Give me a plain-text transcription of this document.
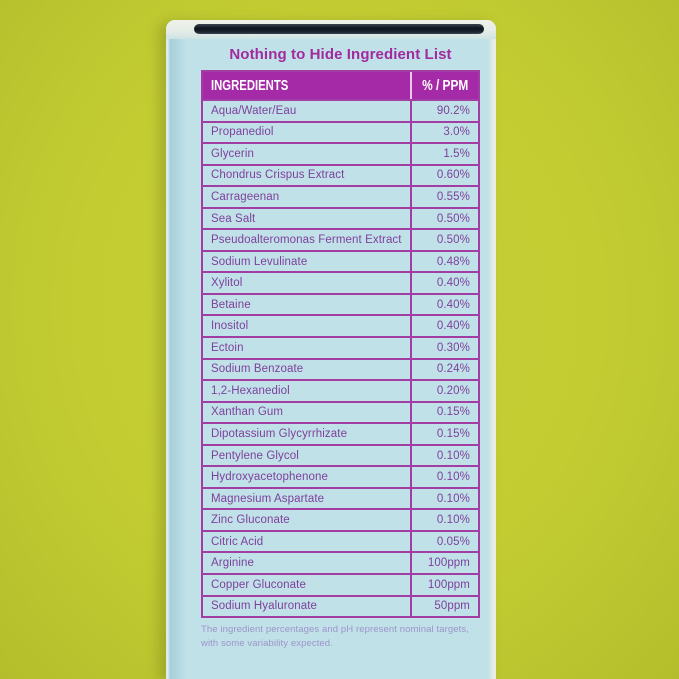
Nothing to Hide Ingredient List
INGREDIENTS	% / PPM
Aqua/Water/Eau	90.2%
Propanediol	3.0%
Glycerin	1.5%
Chondrus Crispus Extract	0.60%
Carrageenan	0.55%
Sea Salt	0.50%
Pseudoalteromonas Ferment Extract	0.50%
Sodium Levulinate	0.48%
Xylitol	0.40%
Betaine	0.40%
Inositol	0.40%
Ectoin	0.30%
Sodium Benzoate	0.24%
1,2-Hexanediol	0.20%
Xanthan Gum	0.15%
Dipotassium Glycyrrhizate	0.15%
Pentylene Glycol	0.10%
Hydroxyacetophenone	0.10%
Magnesium Aspartate	0.10%
Zinc Gluconate	0.10%
Citric Acid	0.05%
Arginine	100ppm
Copper Gluconate	100ppm
Sodium Hyaluronate	50ppm
The ingredient percentages and pH represent nominal targets,
with some variability expected.
